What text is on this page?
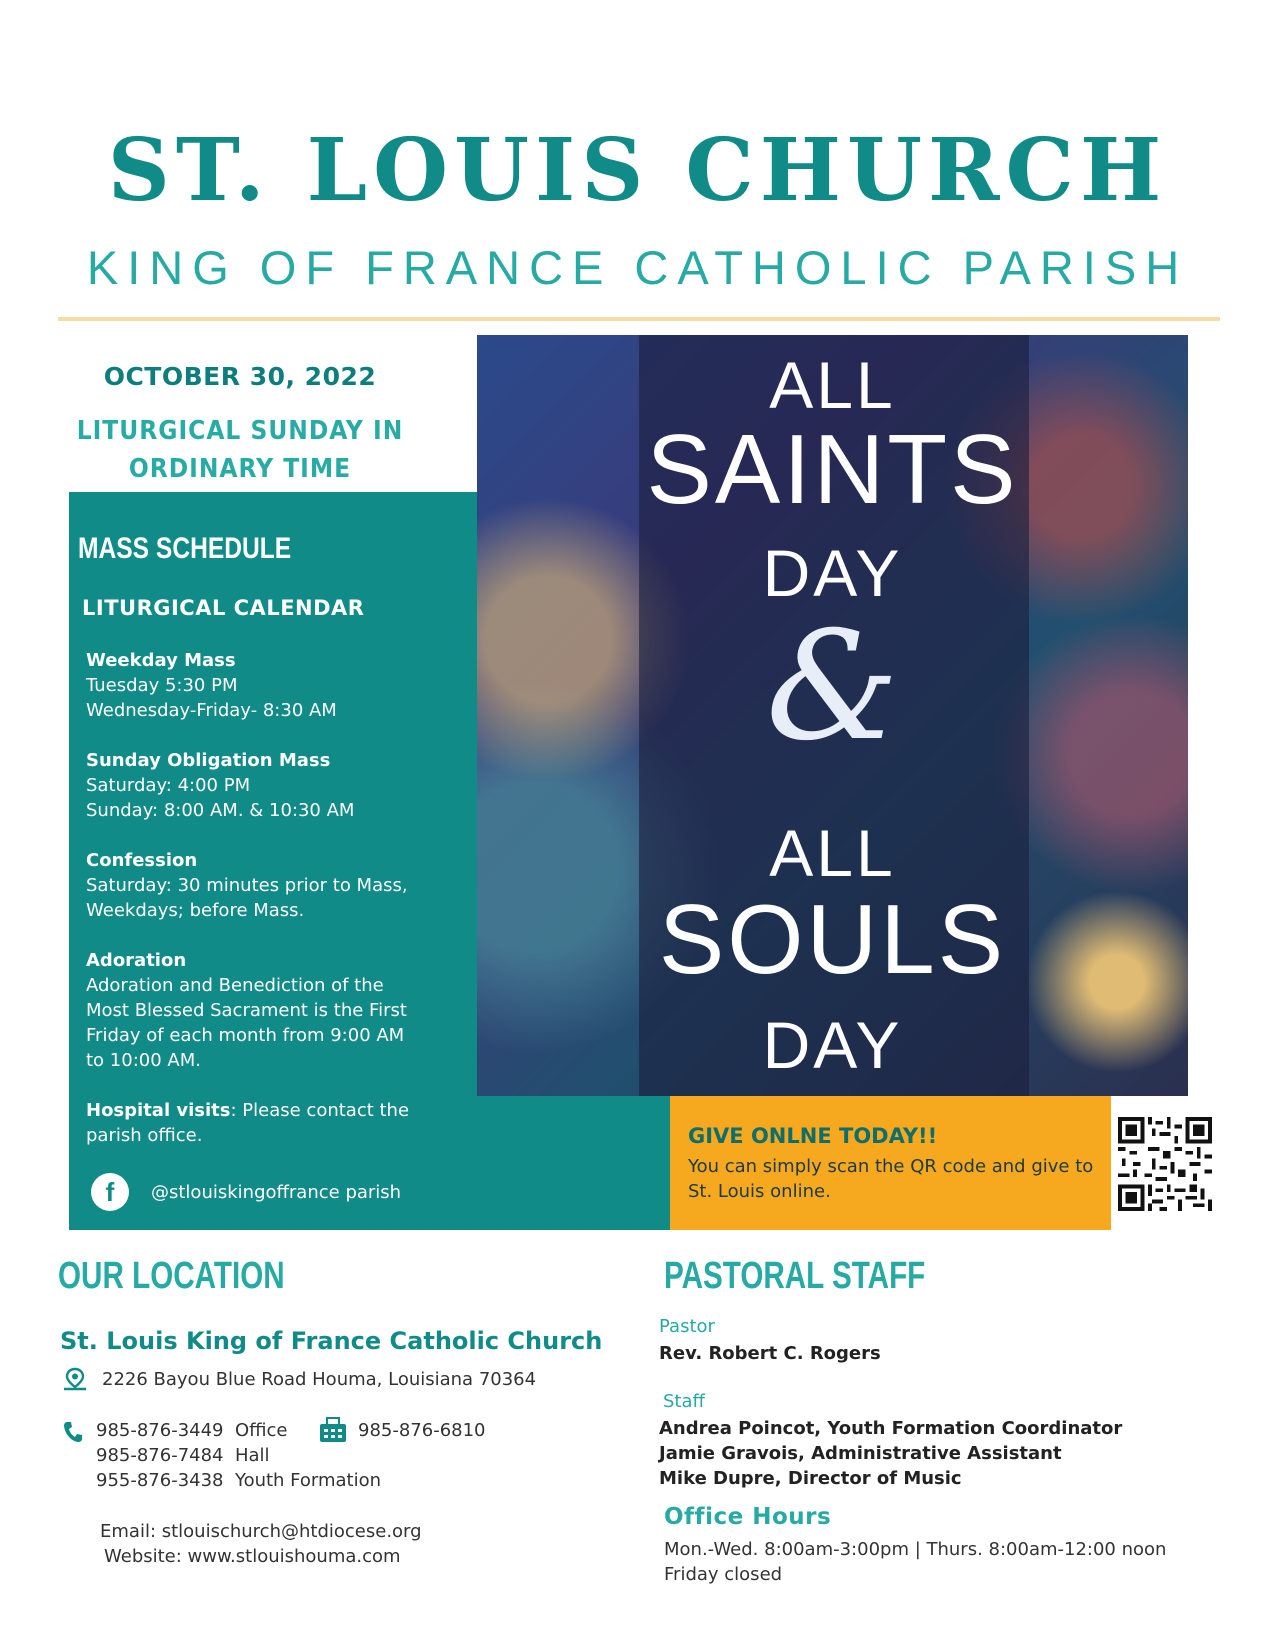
ST. LOUIS CHURCH
KING OF FRANCE CATHOLIC PARISH
OCTOBER 30, 2022
LITURGICAL SUNDAY IN
ORDINARY TIME
MASS SCHEDULE
LITURGICAL CALENDAR
Weekday Mass
Tuesday 5:30 PM
Wednesday-Friday- 8:30 AM
Sunday Obligation Mass
Saturday: 4:00 PM
Sunday: 8:00 AM. & 10:30 AM
Confession
Saturday: 30 minutes prior to Mass,
Weekdays; before Mass.
Adoration
Adoration and Benediction of the
Most Blessed Sacrament is the First
Friday of each month from 9:00 AM
to 10:00 AM.
Hospital visits: Please contact the
parish office.
f	@stlouiskingoffrance parish
ALL
SAINTS
DAY
&
ALL
SOULS
DAY
GIVE ONLNE TODAY!!
You can simply scan the QR code and give to
St. Louis online.
OUR LOCATION
St. Louis King of France Catholic Church
2226 Bayou Blue Road Houma, Louisiana 70364
985-876-3449 Office	985-876-6810
985-876-7484 Hall
955-876-3438 Youth Formation
Email: stlouischurch@htdiocese.org
Website: www.stlouishouma.com
PASTORAL STAFF
Pastor
Rev. Robert C. Rogers
Staff
Andrea Poincot, Youth Formation Coordinator
Jamie Gravois, Administrative Assistant
Mike Dupre, Director of Music
Office Hours
Mon.-Wed. 8:00am-3:00pm | Thurs. 8:00am-12:00 noon
Friday closed
